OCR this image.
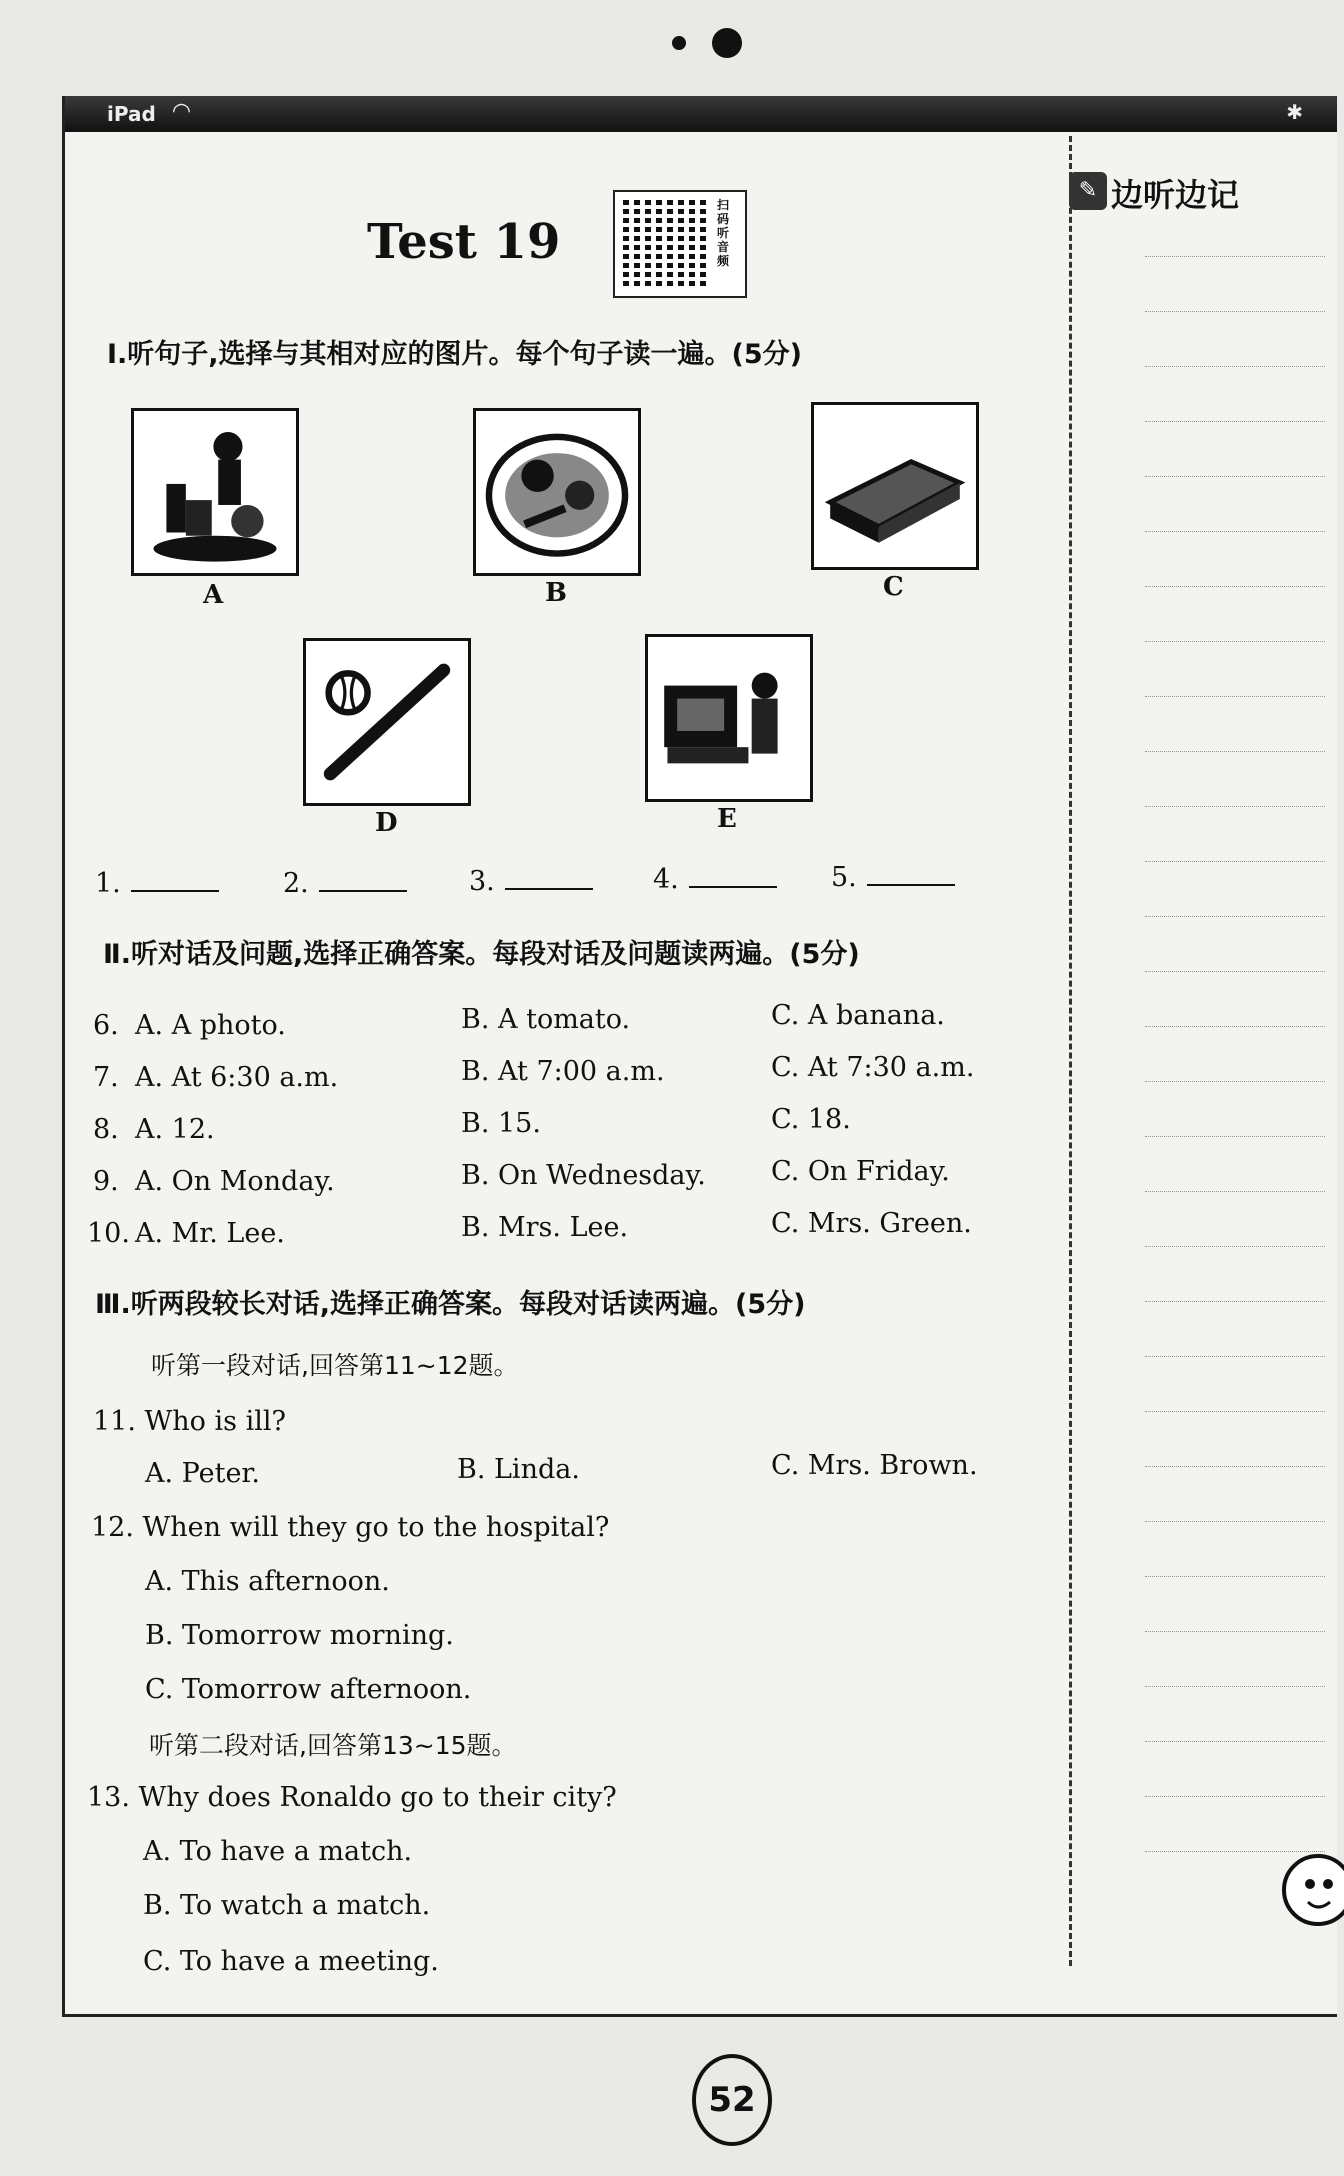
iPad ◠	✱
✎ 边听边记
Test 19
扫码听音频
Ⅰ.听句子,选择与其相对应的图片。每个句子读一遍。(5分)
A	B	C
D	E
1.	2.	3.	4.	5.
Ⅱ.听对话及问题,选择正确答案。每段对话及问题读两遍。(5分)
6. A. A photo.	B. A tomato.	C. A banana.
7. A. At 6:30 a.m.	B. At 7:00 a.m.	C. At 7:30 a.m.
8. A. 12.	B. 15.	C. 18.
9. A. On Monday.	B. On Wednesday. C. On Friday.
10. A. Mr. Lee.	B. Mrs. Lee.	C. Mrs. Green.
Ⅲ.听两段较长对话,选择正确答案。每段对话读两遍。(5分)
听第一段对话,回答第11~12题。
11. Who is ill?
A. Peter.	B. Linda.	C. Mrs. Brown.
12. When will they go to the hospital?
A. This afternoon.
B. Tomorrow morning.
C. Tomorrow afternoon.
听第二段对话,回答第13~15题。
13. Why does Ronaldo go to their city?
A. To have a match.
B. To watch a match.
C. To have a meeting.
52
